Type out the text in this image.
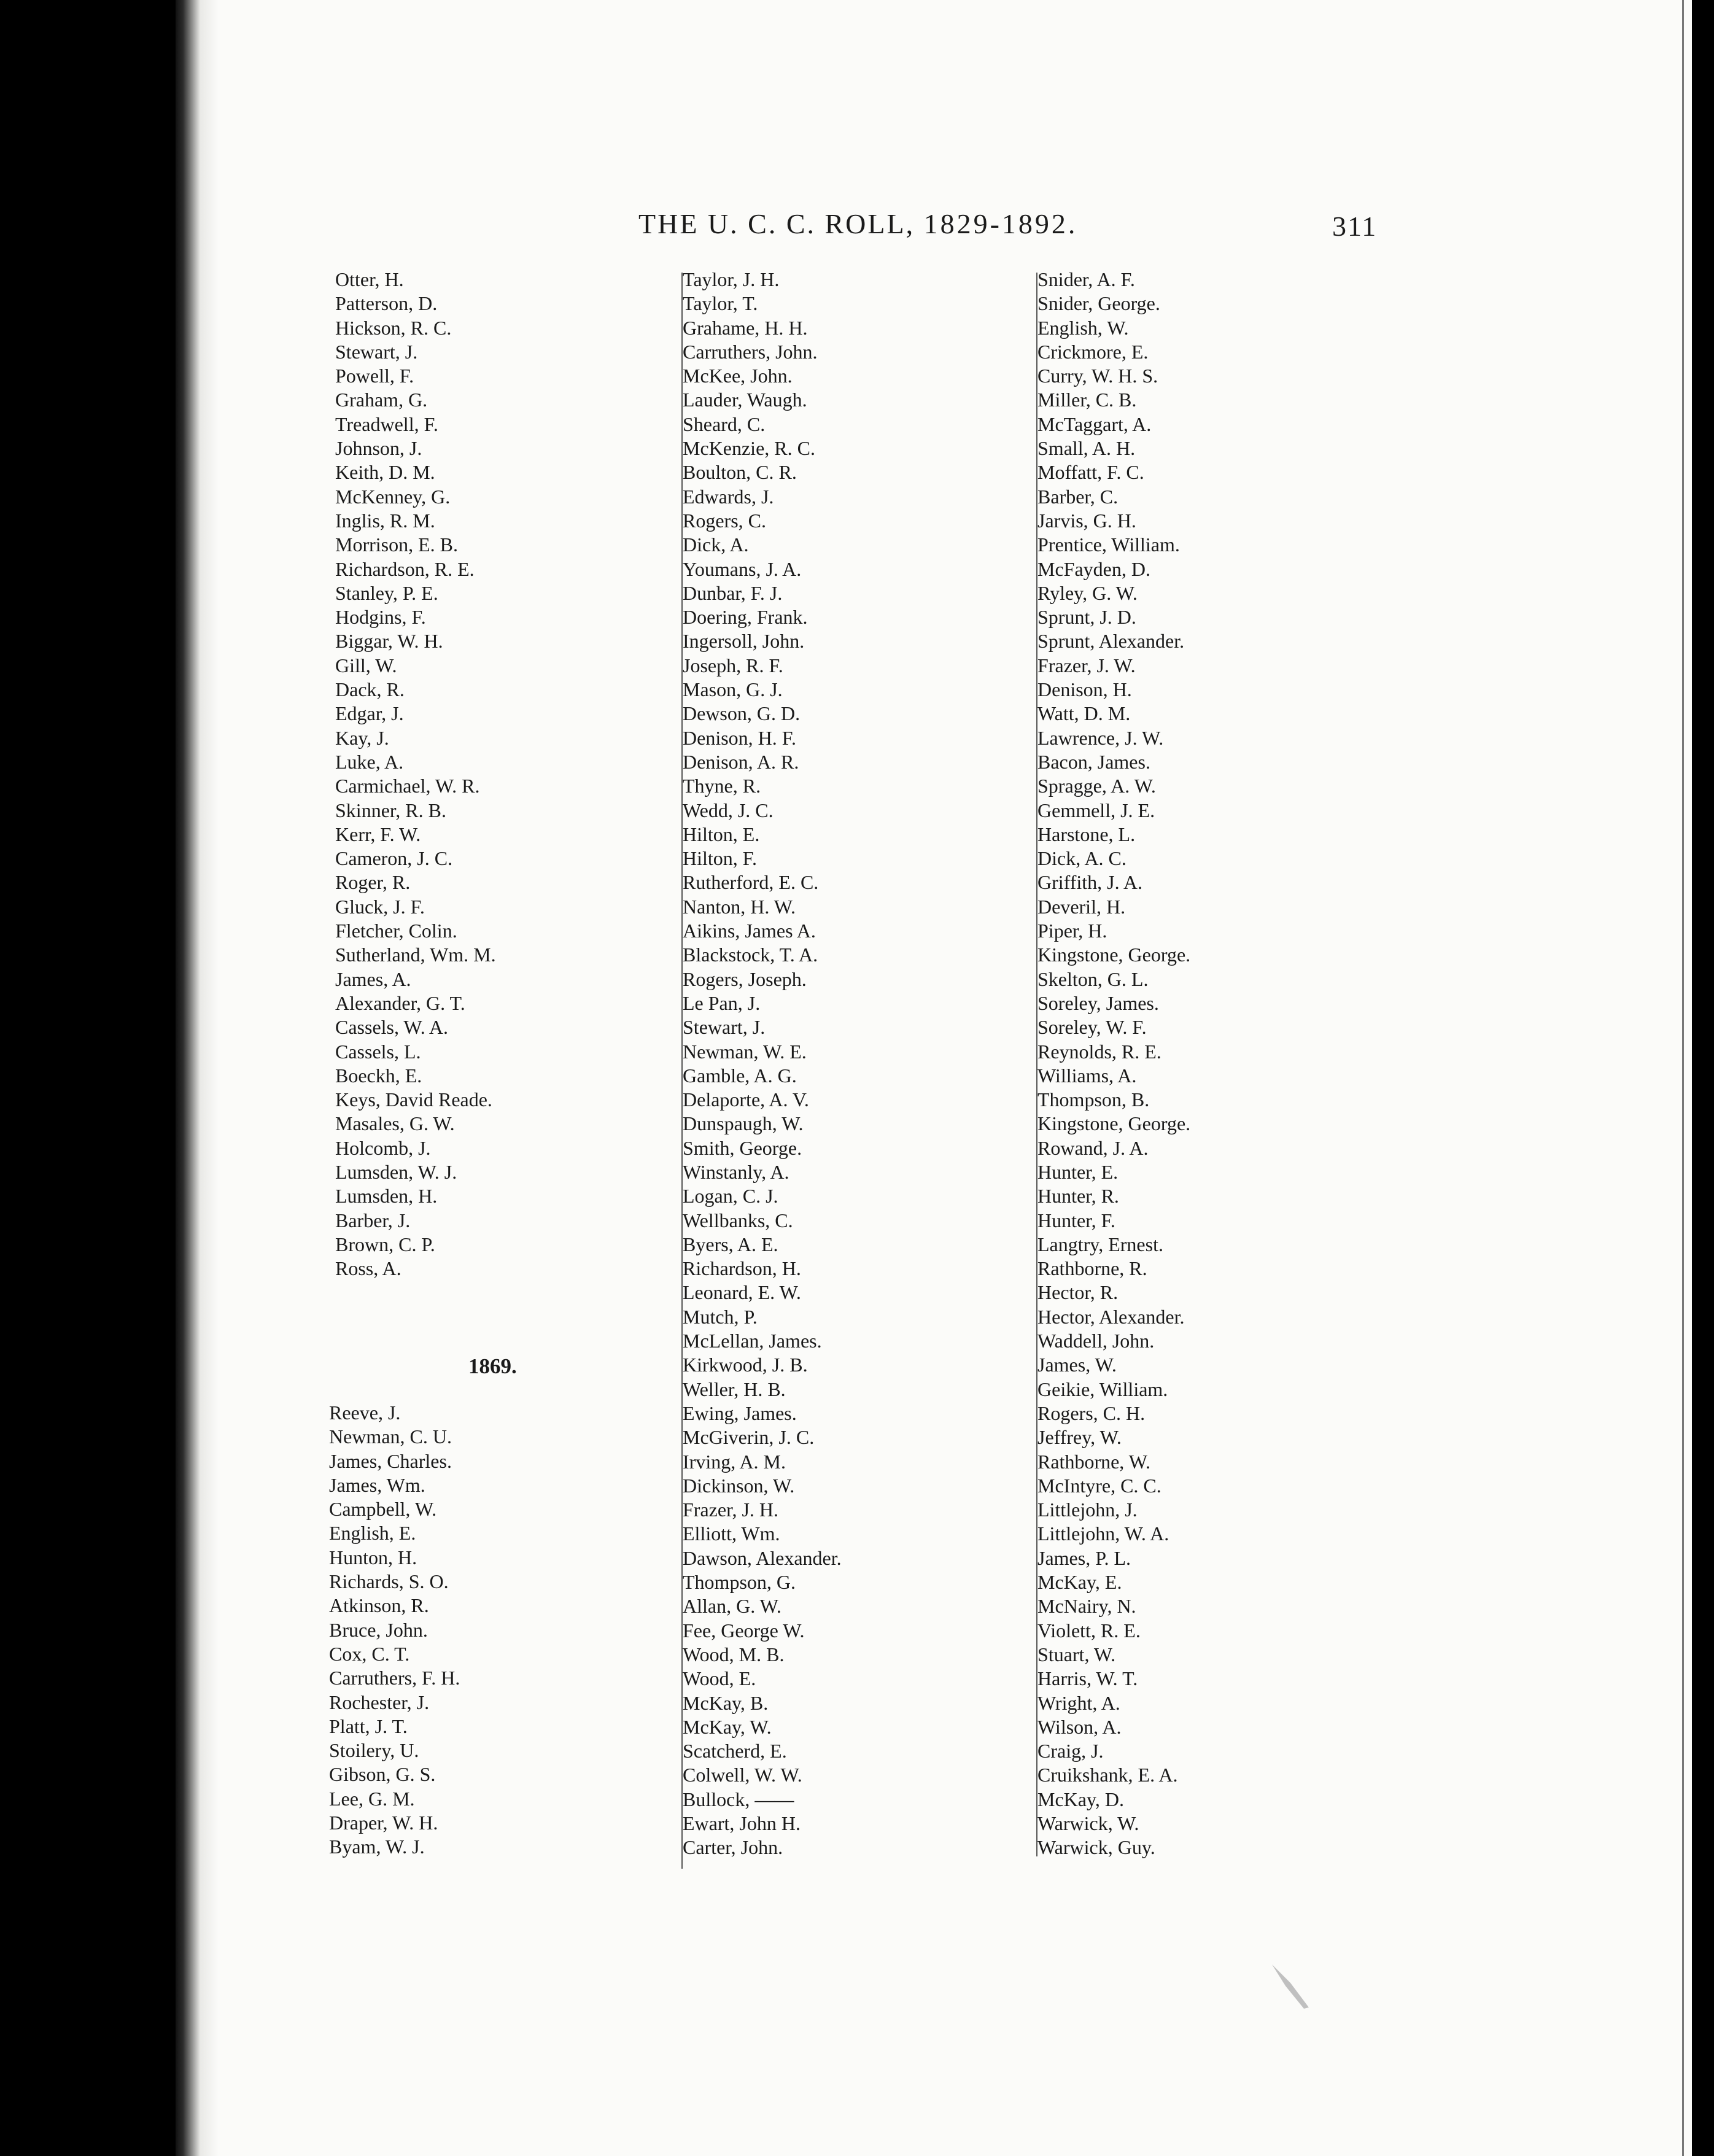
THE U. C. C. ROLL, 1829-1892.	311
Otter, H.
Patterson, D.
Hickson, R. C.
Stewart, J.
Powell, F.
Graham, G.
Treadwell, F.
Johnson, J.
Keith, D. M.
McKenney, G.
Inglis, R. M.
Morrison, E. B.
Richardson, R. E.
Stanley, P. E.
Hodgins, F.
Biggar, W. H.
Gill, W.
Dack, R.
Edgar, J.
Kay, J.
Luke, A.
Carmichael, W. R.
Skinner, R. B.
Kerr, F. W.
Cameron, J. C.
Roger, R.
Gluck, J. F.
Fletcher, Colin.
Sutherland, Wm. M.
James, A.
Alexander, G. T.
Cassels, W. A.
Cassels, L.
Boeckh, E.
Keys, David Reade.
Masales, G. W.
Holcomb, J.
Lumsden, W. J.
Lumsden, H.
Barber, J.
Brown, C. P.
Ross, A.
1869.
Reeve, J.
Newman, C. U.
James, Charles.
James, Wm.
Campbell, W.
English, E.
Hunton, H.
Richards, S. O.
Atkinson, R.
Bruce, John.
Cox, C. T.
Carruthers, F. H.
Rochester, J.
Platt, J. T.
Stoilery, U.
Gibson, G. S.
Lee, G. M.
Draper, W. H.
Byam, W. J.
Taylor, J. H.
Taylor, T.
Grahame, H. H.
Carruthers, John.
McKee, John.
Lauder, Waugh.
Sheard, C.
McKenzie, R. C.
Boulton, C. R.
Edwards, J.
Rogers, C.
Dick, A.
Youmans, J. A.
Dunbar, F. J.
Doering, Frank.
Ingersoll, John.
Joseph, R. F.
Mason, G. J.
Dewson, G. D.
Denison, H. F.
Denison, A. R.
Thyne, R.
Wedd, J. C.
Hilton, E.
Hilton, F.
Rutherford, E. C.
Nanton, H. W.
Aikins, James A.
Blackstock, T. A.
Rogers, Joseph.
Le Pan, J.
Stewart, J.
Newman, W. E.
Gamble, A. G.
Delaporte, A. V.
Dunspaugh, W.
Smith, George.
Winstanly, A.
Logan, C. J.
Wellbanks, C.
Byers, A. E.
Richardson, H.
Leonard, E. W.
Mutch, P.
McLellan, James.
Kirkwood, J. B.
Weller, H. B.
Ewing, James.
McGiverin, J. C.
Irving, A. M.
Dickinson, W.
Frazer, J. H.
Elliott, Wm.
Dawson, Alexander.
Thompson, G.
Allan, G. W.
Fee, George W.
Wood, M. B.
Wood, E.
McKay, B.
McKay, W.
Scatcherd, E.
Colwell, W. W.
Bullock, ——
Ewart, John H.
Carter, John.
Snider, A. F.
Snider, George.
English, W.
Crickmore, E.
Curry, W. H. S.
Miller, C. B.
McTaggart, A.
Small, A. H.
Moffatt, F. C.
Barber, C.
Jarvis, G. H.
Prentice, William.
McFayden, D.
Ryley, G. W.
Sprunt, J. D.
Sprunt, Alexander.
Frazer, J. W.
Denison, H.
Watt, D. M.
Lawrence, J. W.
Bacon, James.
Spragge, A. W.
Gemmell, J. E.
Harstone, L.
Dick, A. C.
Griffith, J. A.
Deveril, H.
Piper, H.
Kingstone, George.
Skelton, G. L.
Soreley, James.
Soreley, W. F.
Reynolds, R. E.
Williams, A.
Thompson, B.
Kingstone, George.
Rowand, J. A.
Hunter, E.
Hunter, R.
Hunter, F.
Langtry, Ernest.
Rathborne, R.
Hector, R.
Hector, Alexander.
Waddell, John.
James, W.
Geikie, William.
Rogers, C. H.
Jeffrey, W.
Rathborne, W.
McIntyre, C. C.
Littlejohn, J.
Littlejohn, W. A.
James, P. L.
McKay, E.
McNairy, N.
Violett, R. E.
Stuart, W.
Harris, W. T.
Wright, A.
Wilson, A.
Craig, J.
Cruikshank, E. A.
McKay, D.
Warwick, W.
Warwick, Guy.
